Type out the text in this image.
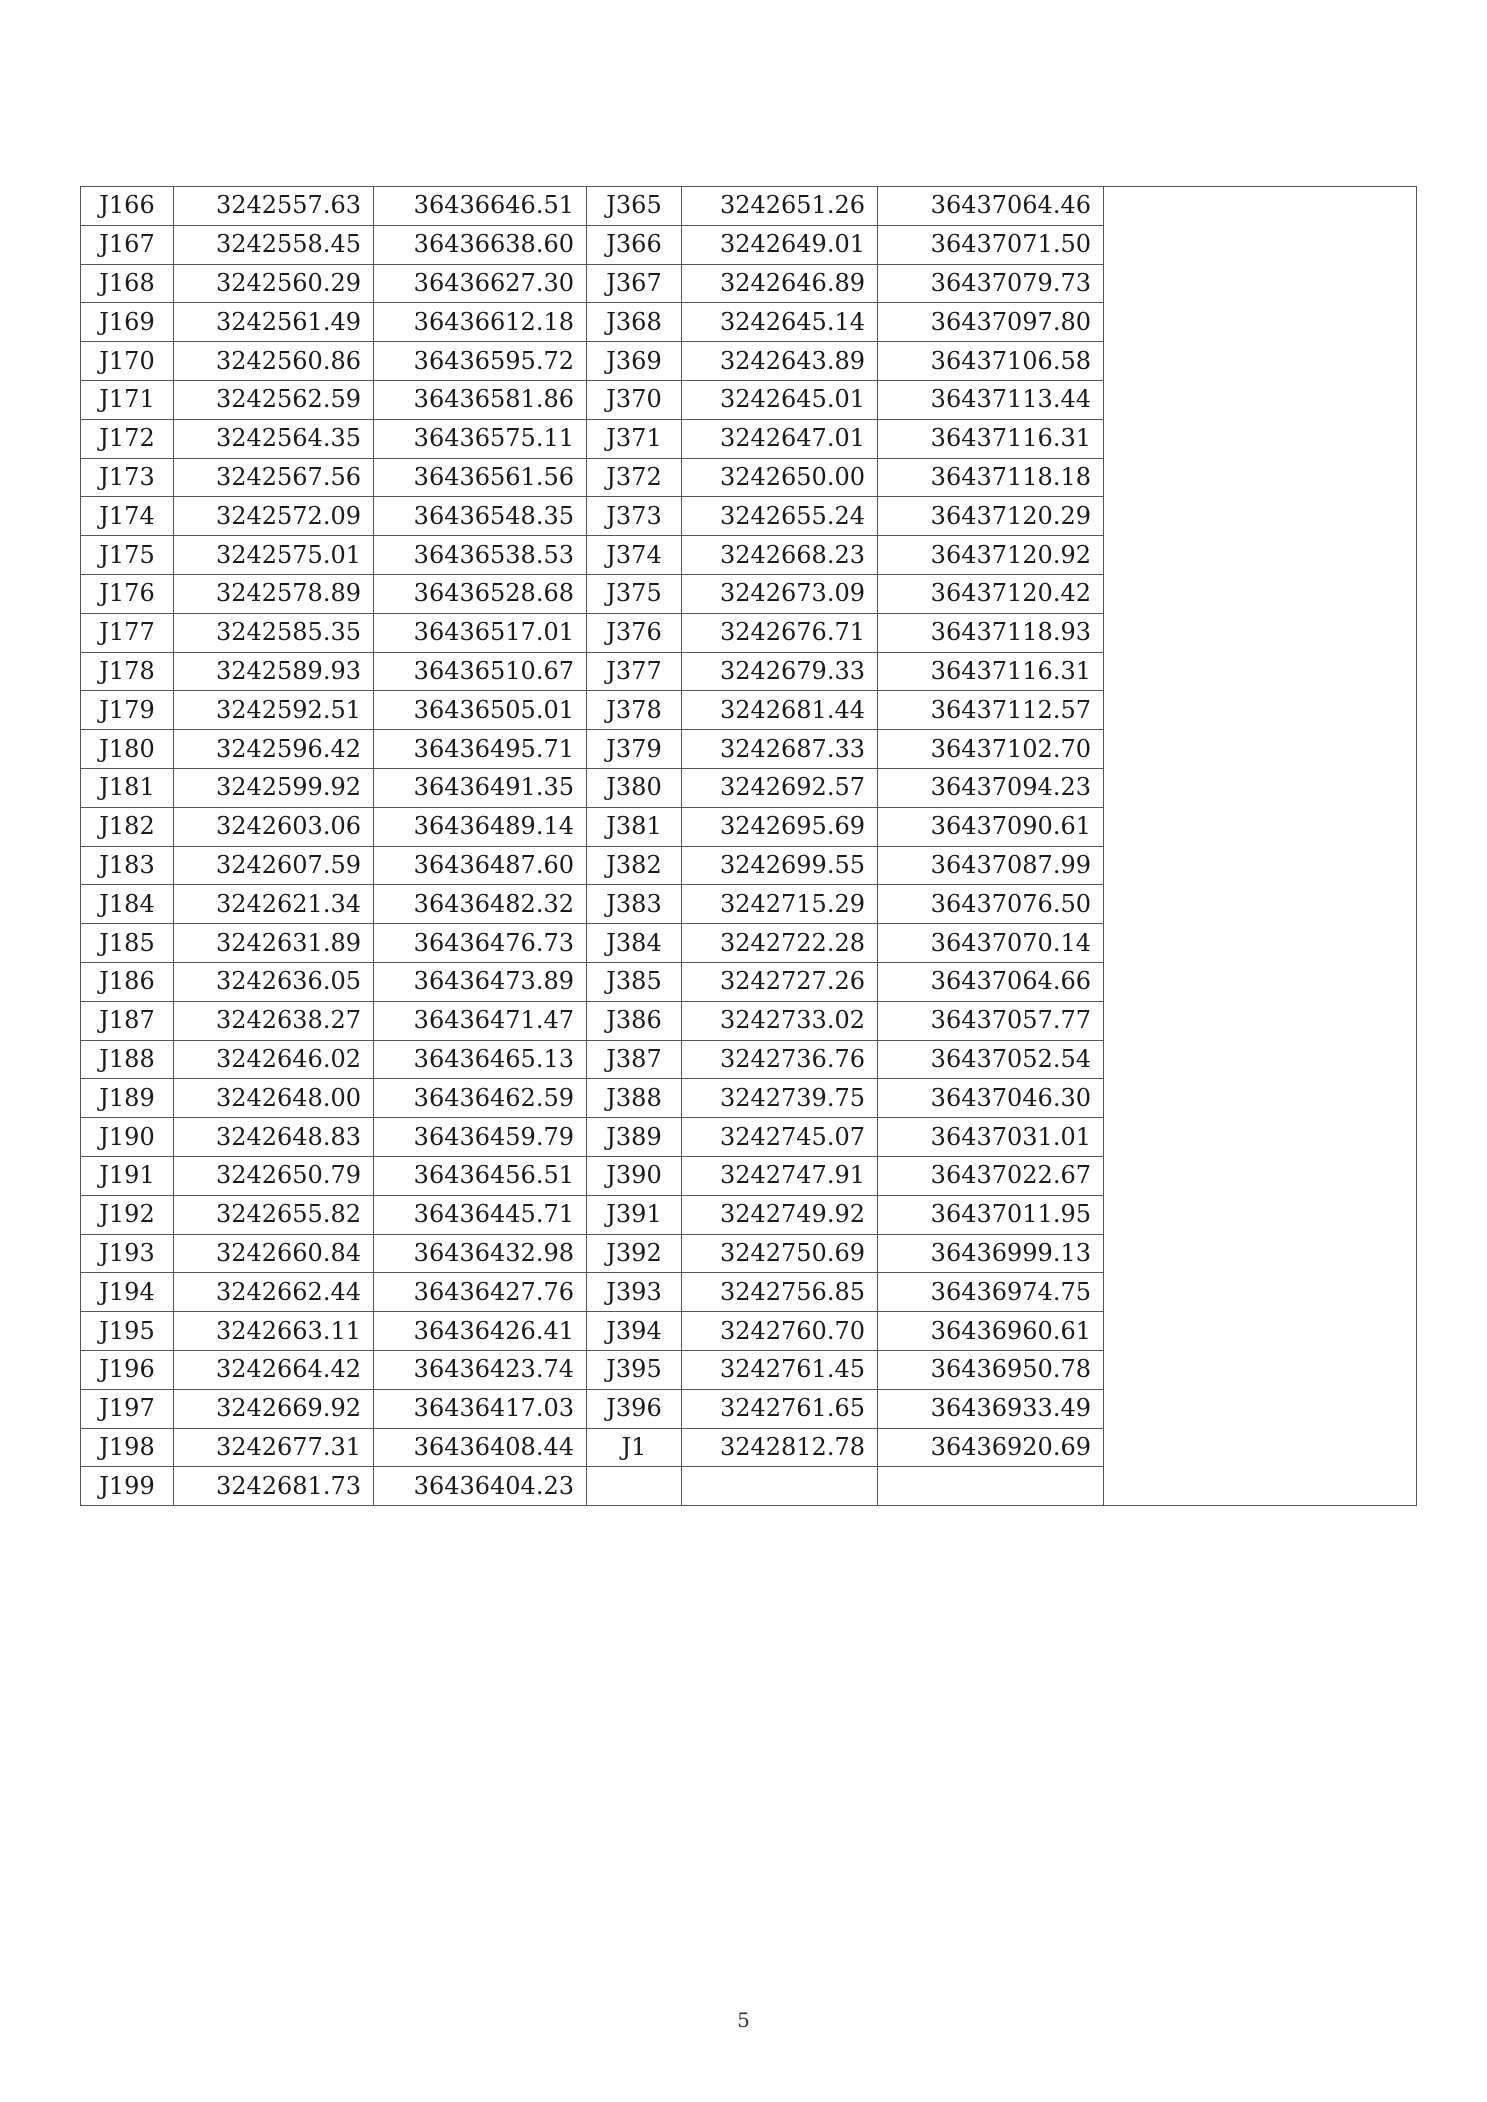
J166	3242557.63	36436646.51	J365	3242651.26	36437064.46	
J167	3242558.45	36436638.60	J366	3242649.01	36437071.50	
J168	3242560.29	36436627.30	J367	3242646.89	36437079.73	
J169	3242561.49	36436612.18	J368	3242645.14	36437097.80	
J170	3242560.86	36436595.72	J369	3242643.89	36437106.58	
J171	3242562.59	36436581.86	J370	3242645.01	36437113.44	
J172	3242564.35	36436575.11	J371	3242647.01	36437116.31	
J173	3242567.56	36436561.56	J372	3242650.00	36437118.18	
J174	3242572.09	36436548.35	J373	3242655.24	36437120.29	
J175	3242575.01	36436538.53	J374	3242668.23	36437120.92	
J176	3242578.89	36436528.68	J375	3242673.09	36437120.42	
J177	3242585.35	36436517.01	J376	3242676.71	36437118.93	
J178	3242589.93	36436510.67	J377	3242679.33	36437116.31	
J179	3242592.51	36436505.01	J378	3242681.44	36437112.57	
J180	3242596.42	36436495.71	J379	3242687.33	36437102.70	
J181	3242599.92	36436491.35	J380	3242692.57	36437094.23	
J182	3242603.06	36436489.14	J381	3242695.69	36437090.61	
J183	3242607.59	36436487.60	J382	3242699.55	36437087.99	
J184	3242621.34	36436482.32	J383	3242715.29	36437076.50	
J185	3242631.89	36436476.73	J384	3242722.28	36437070.14	
J186	3242636.05	36436473.89	J385	3242727.26	36437064.66	
J187	3242638.27	36436471.47	J386	3242733.02	36437057.77	
J188	3242646.02	36436465.13	J387	3242736.76	36437052.54	
J189	3242648.00	36436462.59	J388	3242739.75	36437046.30	
J190	3242648.83	36436459.79	J389	3242745.07	36437031.01	
J191	3242650.79	36436456.51	J390	3242747.91	36437022.67	
J192	3242655.82	36436445.71	J391	3242749.92	36437011.95	
J193	3242660.84	36436432.98	J392	3242750.69	36436999.13	
J194	3242662.44	36436427.76	J393	3242756.85	36436974.75	
J195	3242663.11	36436426.41	J394	3242760.70	36436960.61	
J196	3242664.42	36436423.74	J395	3242761.45	36436950.78	
J197	3242669.92	36436417.03	J396	3242761.65	36436933.49	
J198	3242677.31	36436408.44	J1	3242812.78	36436920.69	
J199	3242681.73	36436404.23				
5
